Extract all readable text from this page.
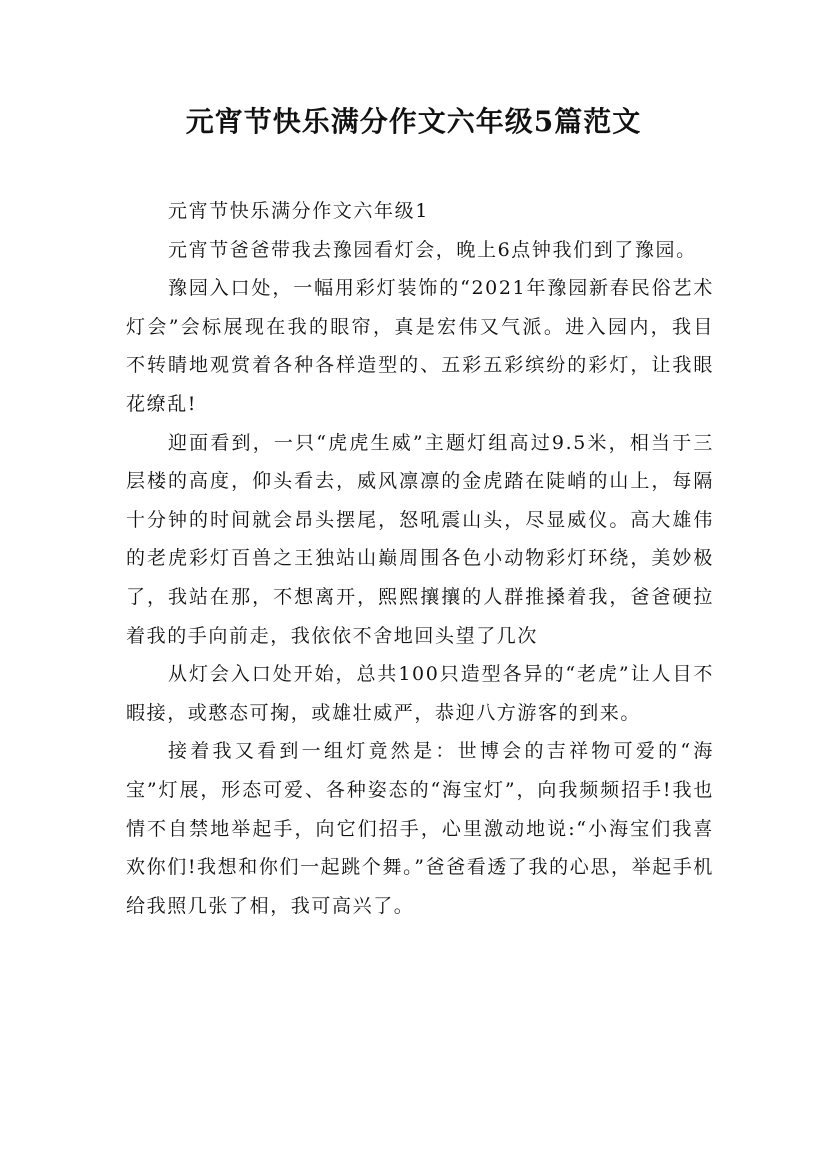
元宵节快乐满分作文六年级5篇范文

元宵节快乐满分作文六年级1

元宵节爸爸带我去豫园看灯会，晚上6点钟我们到了豫园。

豫园入口处，一幅用彩灯装饰的“2021年豫园新春民俗艺术灯会”会标展现在我的眼帘，真是宏伟又气派。进入园内，我目不转睛地观赏着各种各样造型的、五彩五彩缤纷的彩灯，让我眼花缭乱!

迎面看到，一只“虎虎生威”主题灯组高过9.5米，相当于三层楼的高度，仰头看去，威风凛凛的金虎踏在陡峭的山上，每隔十分钟的时间就会昂头摆尾，怒吼震山头，尽显威仪。高大雄伟的老虎彩灯百兽之王独站山巅周围各色小动物彩灯环绕，美妙极了，我站在那，不想离开，熙熙攘攘的人群推搡着我，爸爸硬拉着我的手向前走，我依依不舍地回头望了几次

从灯会入口处开始，总共100只造型各异的“老虎”让人目不暇接，或憨态可掬，或雄壮威严，恭迎八方游客的到来。

接着我又看到一组灯竟然是：世博会的吉祥物可爱的“海宝”灯展，形态可爱、各种姿态的“海宝灯”，向我频频招手!我也情不自禁地举起手，向它们招手，心里激动地说:“小海宝们我喜欢你们!我想和你们一起跳个舞。”爸爸看透了我的心思，举起手机给我照几张了相，我可高兴了。
